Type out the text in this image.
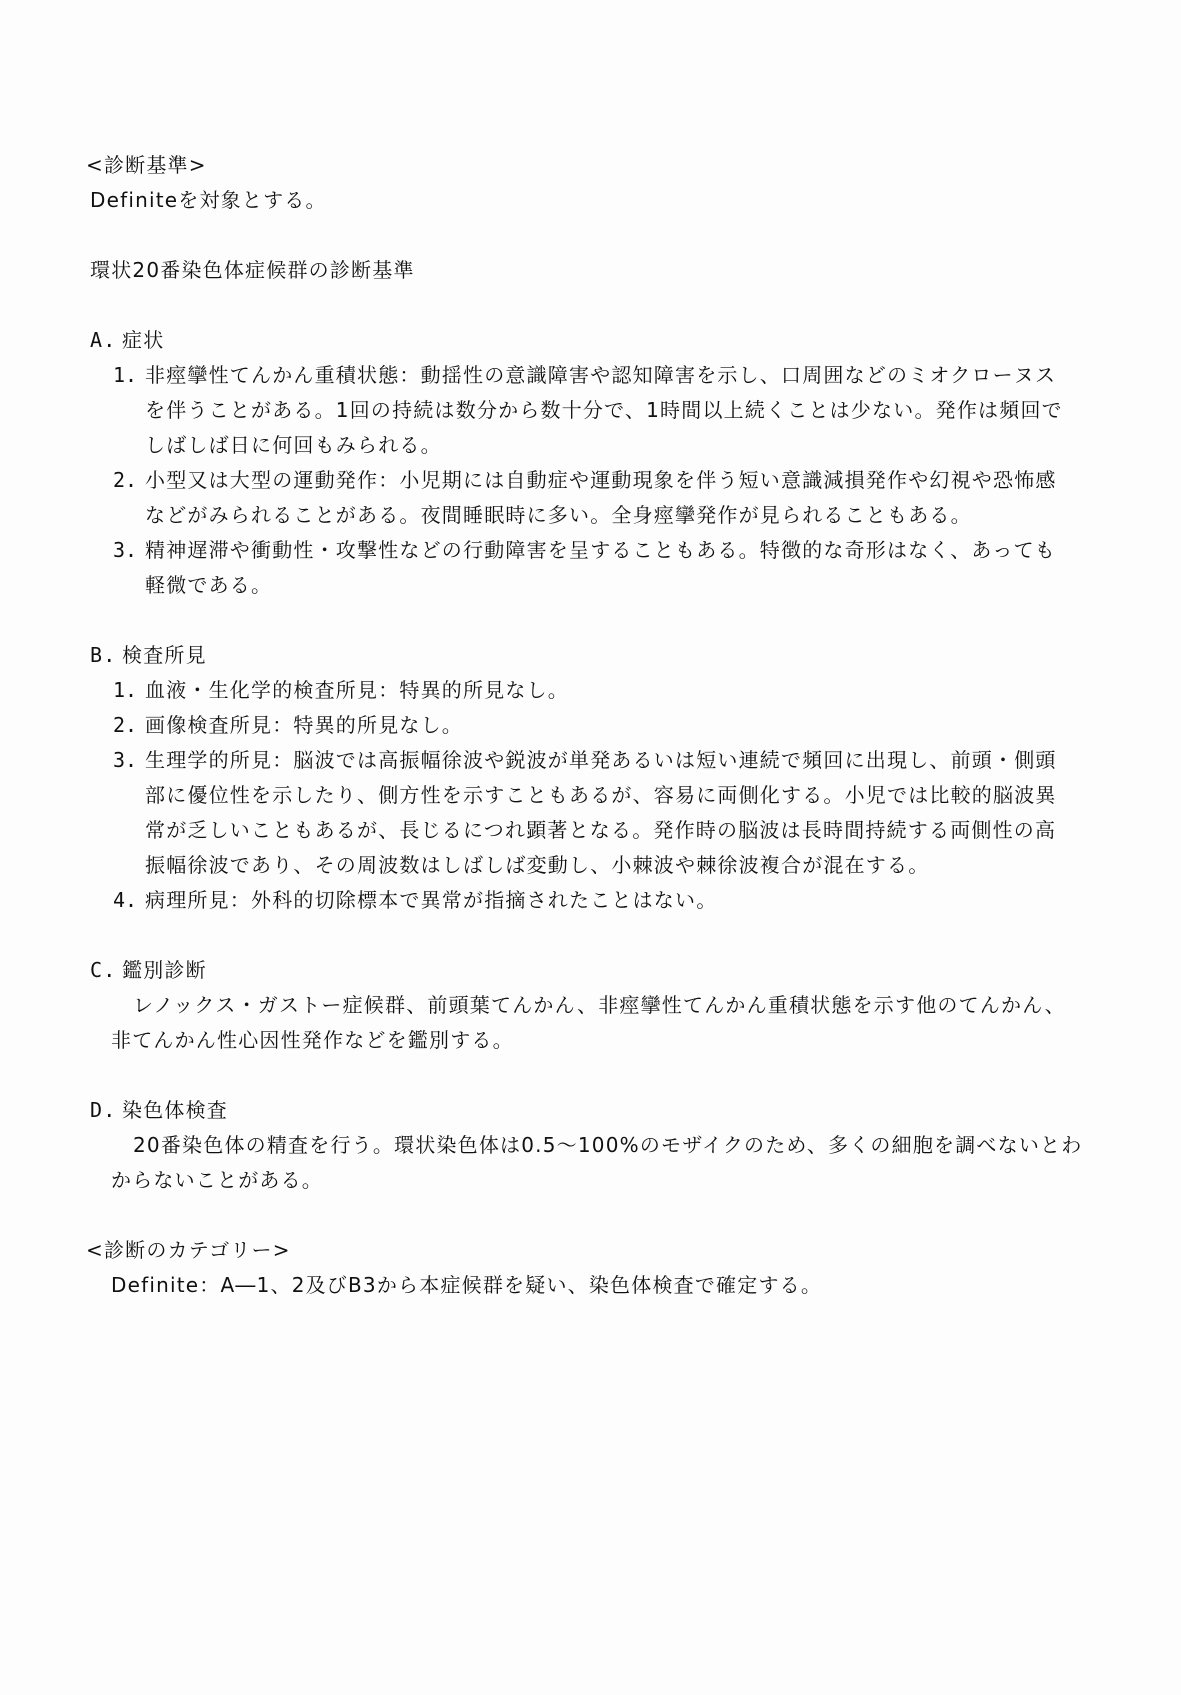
<診断基準>
Definiteを対象とする。
環状20番染色体症候群の診断基準
A. 症状
1. 非痙攣性てんかん重積状態：動揺性の意識障害や認知障害を示し、口周囲などのミオクローヌス
を伴うことがある。1回の持続は数分から数十分で、1時間以上続くことは少ない。発作は頻回で
しばしば日に何回もみられる。
2. 小型又は大型の運動発作：小児期には自動症や運動現象を伴う短い意識減損発作や幻視や恐怖感
などがみられることがある。夜間睡眠時に多い。全身痙攣発作が見られることもある。
3. 精神遅滞や衝動性・攻撃性などの行動障害を呈することもある。特徴的な奇形はなく、あっても
軽微である。
B. 検査所見
1. 血液・生化学的検査所見：特異的所見なし。
2. 画像検査所見：特異的所見なし。
3. 生理学的所見：脳波では高振幅徐波や鋭波が単発あるいは短い連続で頻回に出現し、前頭・側頭
部に優位性を示したり、側方性を示すこともあるが、容易に両側化する。小児では比較的脳波異
常が乏しいこともあるが、長じるにつれ顕著となる。発作時の脳波は長時間持続する両側性の高
振幅徐波であり、その周波数はしばしば変動し、小棘波や棘徐波複合が混在する。
4. 病理所見：外科的切除標本で異常が指摘されたことはない。
C. 鑑別診断
レノックス・ガストー症候群、前頭葉てんかん、非痙攣性てんかん重積状態を示す他のてんかん、
非てんかん性心因性発作などを鑑別する。
D. 染色体検査
20番染色体の精査を行う。環状染色体は0.5～100%のモザイクのため、多くの細胞を調べないとわ
からないことがある。
<診断のカテゴリー>
Definite：A―1、2及びB3から本症候群を疑い、染色体検査で確定する。
